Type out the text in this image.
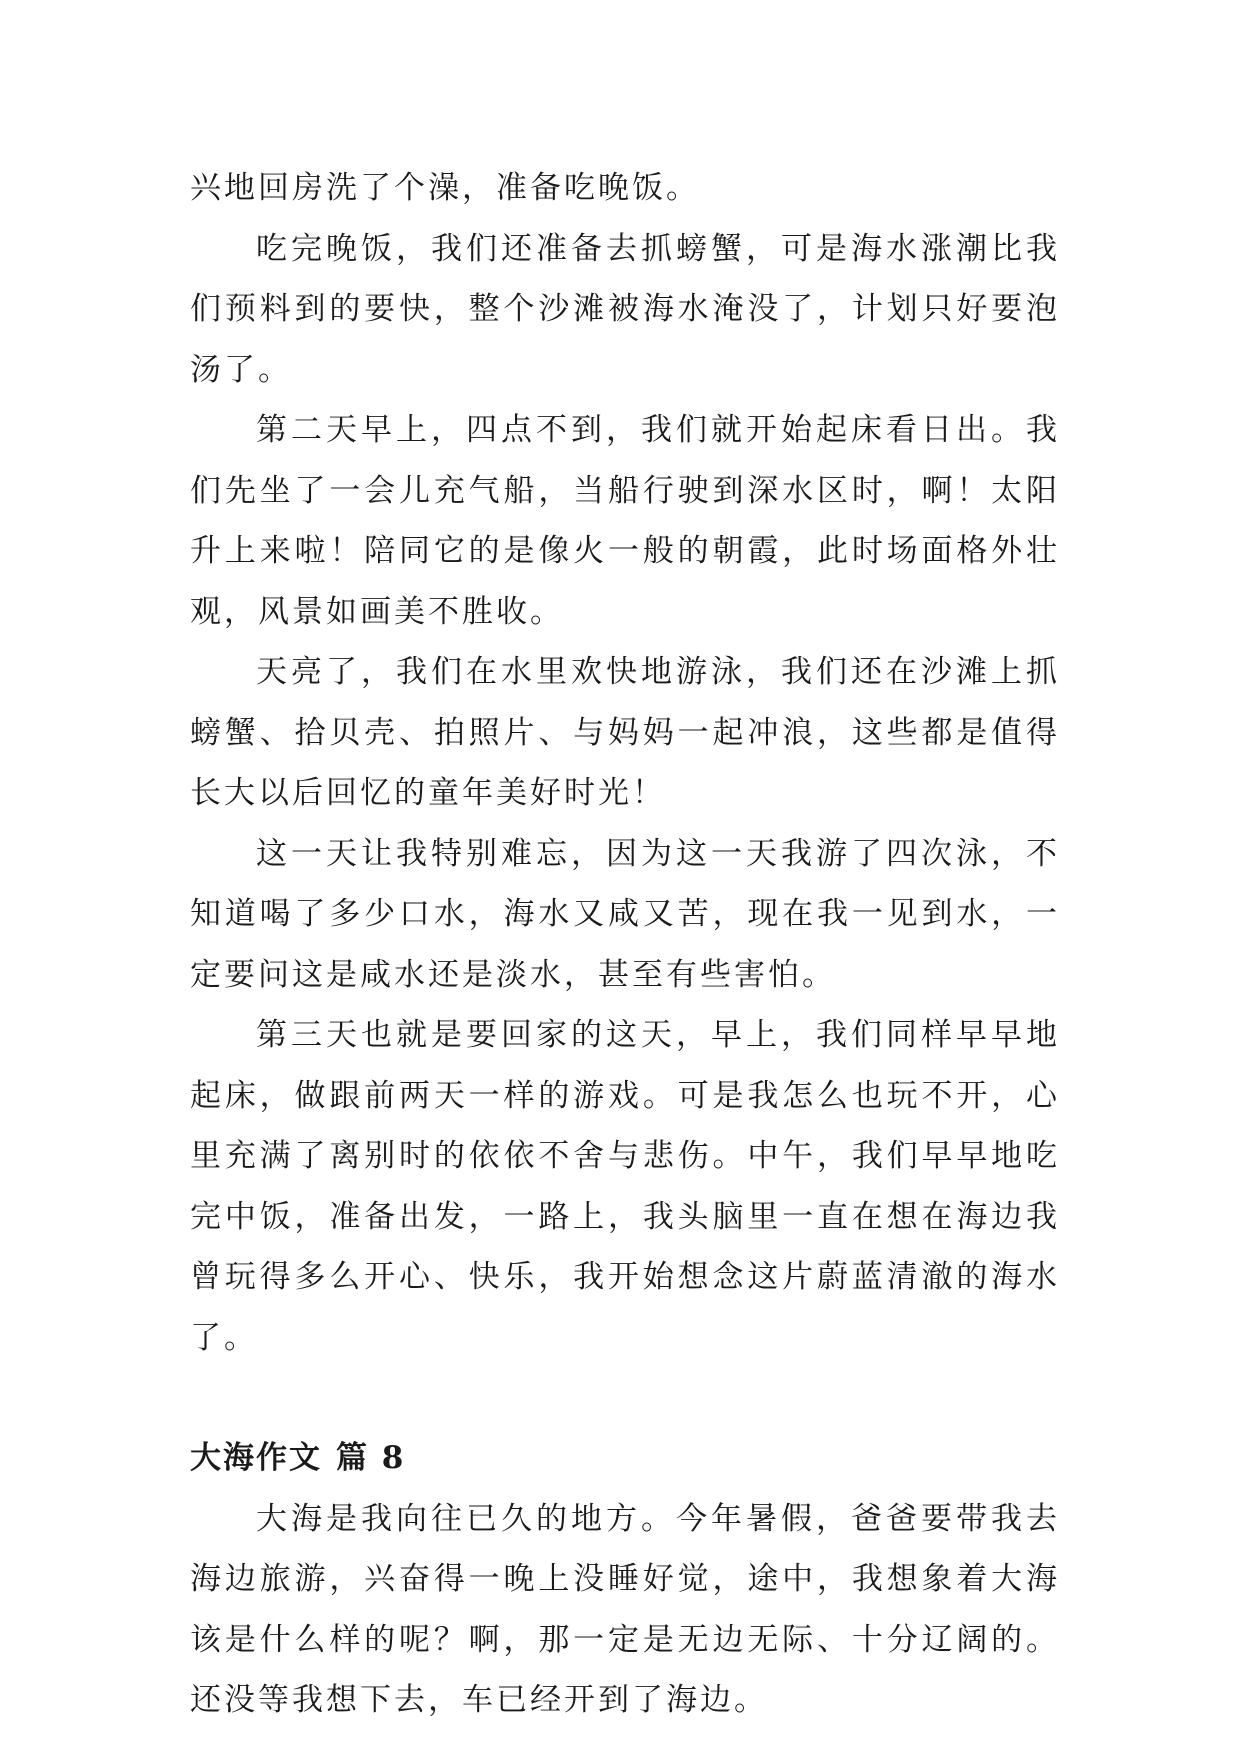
兴地回房洗了个澡，准备吃晚饭。

吃完晚饭，我们还准备去抓螃蟹，可是海水涨潮比我们预料到的要快，整个沙滩被海水淹没了，计划只好要泡汤了。

第二天早上，四点不到，我们就开始起床看日出。我们先坐了一会儿充气船，当船行驶到深水区时，啊！太阳升上来啦！陪同它的是像火一般的朝霞，此时场面格外壮观，风景如画美不胜收。

天亮了，我们在水里欢快地游泳，我们还在沙滩上抓螃蟹、拾贝壳、拍照片、与妈妈一起冲浪，这些都是值得长大以后回忆的童年美好时光！

这一天让我特别难忘，因为这一天我游了四次泳，不知道喝了多少口水，海水又咸又苦，现在我一见到水，一定要问这是咸水还是淡水，甚至有些害怕。

第三天也就是要回家的这天，早上，我们同样早早地起床，做跟前两天一样的游戏。可是我怎么也玩不开，心里充满了离别时的依依不舍与悲伤。中午，我们早早地吃完中饭，准备出发，一路上，我头脑里一直在想在海边我曾玩得多么开心、快乐，我开始想念这片蔚蓝清澈的海水了。

大海作文 篇 8

大海是我向往已久的地方。今年暑假，爸爸要带我去海边旅游，兴奋得一晚上没睡好觉，途中，我想象着大海该是什么样的呢？啊，那一定是无边无际、十分辽阔的。还没等我想下去，车已经开到了海边。
